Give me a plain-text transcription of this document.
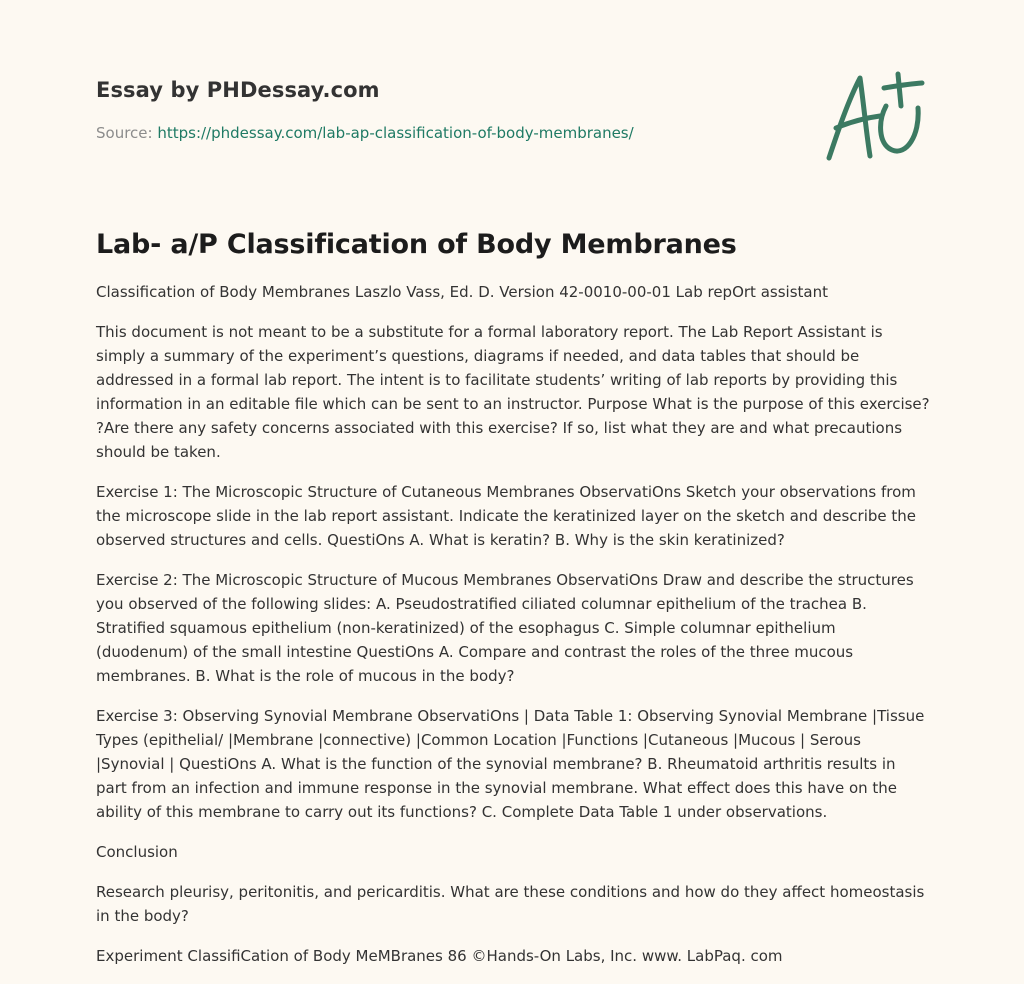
Essay by PHDessay.com
Source: https://phdessay.com/lab-ap-classification-of-body-membranes/
Lab- a/P Classification of Body Membranes

Classification of Body Membranes Laszlo Vass, Ed. D. Version 42-0010-00-01 Lab repOrt assistant

This document is not meant to be a substitute for a formal laboratory report. The Lab Report Assistant is simply a summary of the experiment’s questions, diagrams if needed, and data tables that should be addressed in a formal lab report. The intent is to facilitate students’ writing of lab reports by providing this information in an editable file which can be sent to an instructor. Purpose What is the purpose of this exercise? ?Are there any safety concerns associated with this exercise? If so, list what they are and what precautions should be taken.

Exercise 1: The Microscopic Structure of Cutaneous Membranes ObservatiOns Sketch your observations from the microscope slide in the lab report assistant. Indicate the keratinized layer on the sketch and describe the observed structures and cells. QuestiOns A. What is keratin? B. Why is the skin keratinized?

Exercise 2: The Microscopic Structure of Mucous Membranes ObservatiOns Draw and describe the structures you observed of the following slides: A. Pseudostratified ciliated columnar epithelium of the trachea B. Stratified squamous epithelium (non-keratinized) of the esophagus C. Simple columnar epithelium (duodenum) of the small intestine QuestiOns A. Compare and contrast the roles of the three mucous membranes. B. What is the role of mucous in the body?

Exercise 3: Observing Synovial Membrane ObservatiOns | Data Table 1: Observing Synovial Membrane |Tissue Types (epithelial/ |Membrane |connective) |Common Location |Functions |Cutaneous |Mucous | Serous |Synovial | QuestiOns A. What is the function of the synovial membrane? B. Rheumatoid arthritis results in part from an infection and immune response in the synovial membrane. What effect does this have on the ability of this membrane to carry out its functions? C. Complete Data Table 1 under observations.

Conclusion

Research pleurisy, peritonitis, and pericarditis. What are these conditions and how do they affect homeostasis in the body?

Experiment ClassifiCation of Body MeMBranes 86 ©Hands-On Labs, Inc. www. LabPaq. com
